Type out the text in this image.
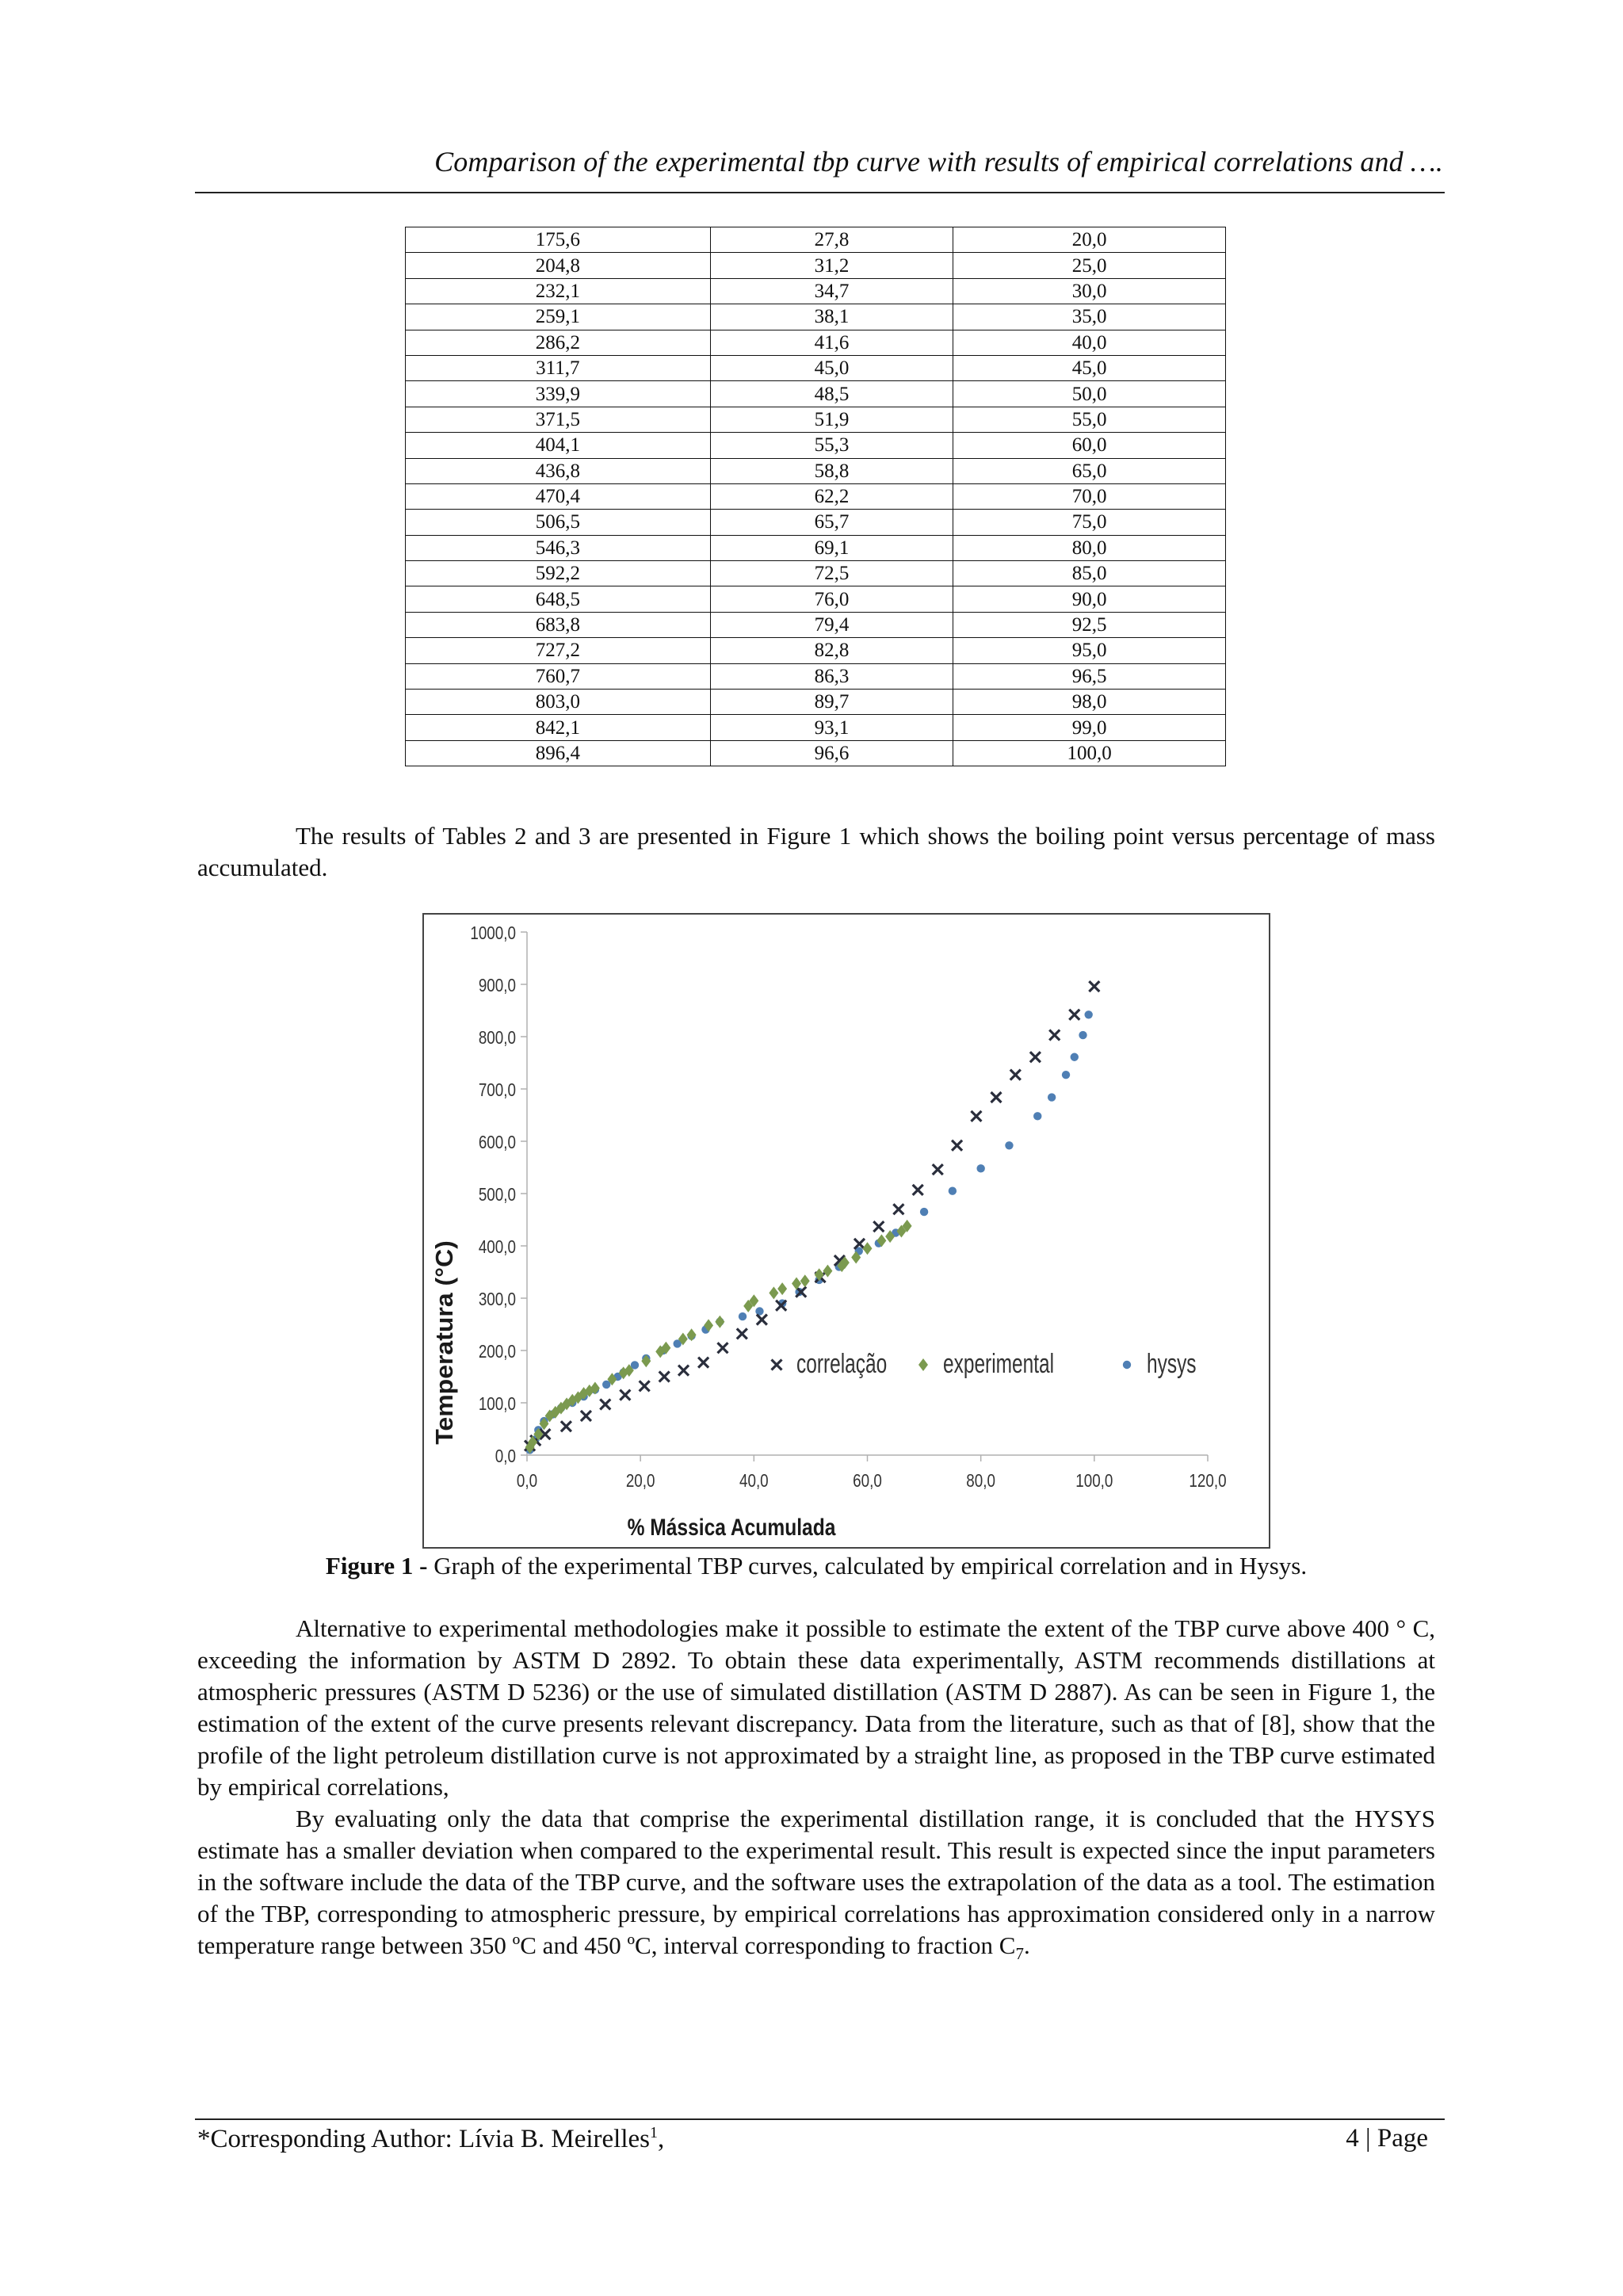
Comparison of the experimental tbp curve with results of empirical correlations and ….
175,6	27,8	20,0
204,8	31,2	25,0
232,1	34,7	30,0
259,1	38,1	35,0
286,2	41,6	40,0
311,7	45,0	45,0
339,9	48,5	50,0
371,5	51,9	55,0
404,1	55,3	60,0
436,8	58,8	65,0
470,4	62,2	70,0
506,5	65,7	75,0
546,3	69,1	80,0
592,2	72,5	85,0
648,5	76,0	90,0
683,8	79,4	92,5
727,2	82,8	95,0
760,7	86,3	96,5
803,0	89,7	98,0
842,1	93,1	99,0
896,4	96,6	100,0

The results of Tables 2 and 3 are presented in Figure 1 which shows the boiling point versus percentage of mass accumulated.

0,0
100,0
200,0
300,0
400,0
500,0
600,0
700,0
800,0
900,0
1000,0
0,0	20,0	40,0	60,0	80,0	100,0	120,0
correlação experimental	hysys
% Mássica Acumulada
Temperatura (°C)
Figure 1 - Graph of the experimental TBP curves, calculated by empirical correlation and in Hysys.

Alternative to experimental methodologies make it possible to estimate the extent of the TBP curve above 400 ° C, exceeding the information by ASTM D 2892. To obtain these data experimentally, ASTM recommends distillations at atmospheric pressures (ASTM D 5236) or the use of simulated distillation (ASTM D 2887). As can be seen in Figure 1, the estimation of the extent of the curve presents relevant discrepancy. Data from the literature, such as that of [8], show that the profile of the light petroleum distillation curve is not approximated by a straight line, as proposed in the TBP curve estimated by empirical correlations,

By evaluating only the data that comprise the experimental distillation range, it is concluded that the HYSYS estimate has a smaller deviation when compared to the experimental result. This result is expected since the input parameters in the software include the data of the TBP curve, and the software uses the extrapolation of the data as a tool. The estimation of the TBP, corresponding to atmospheric pressure, by empirical correlations has approximation considered only in a narrow temperature range between 350 ºC and 450 ºC, interval corresponding to fraction $C_7$.

*Corresponding Author: Lívia B. Meirelles$^1$,	4 | Page
